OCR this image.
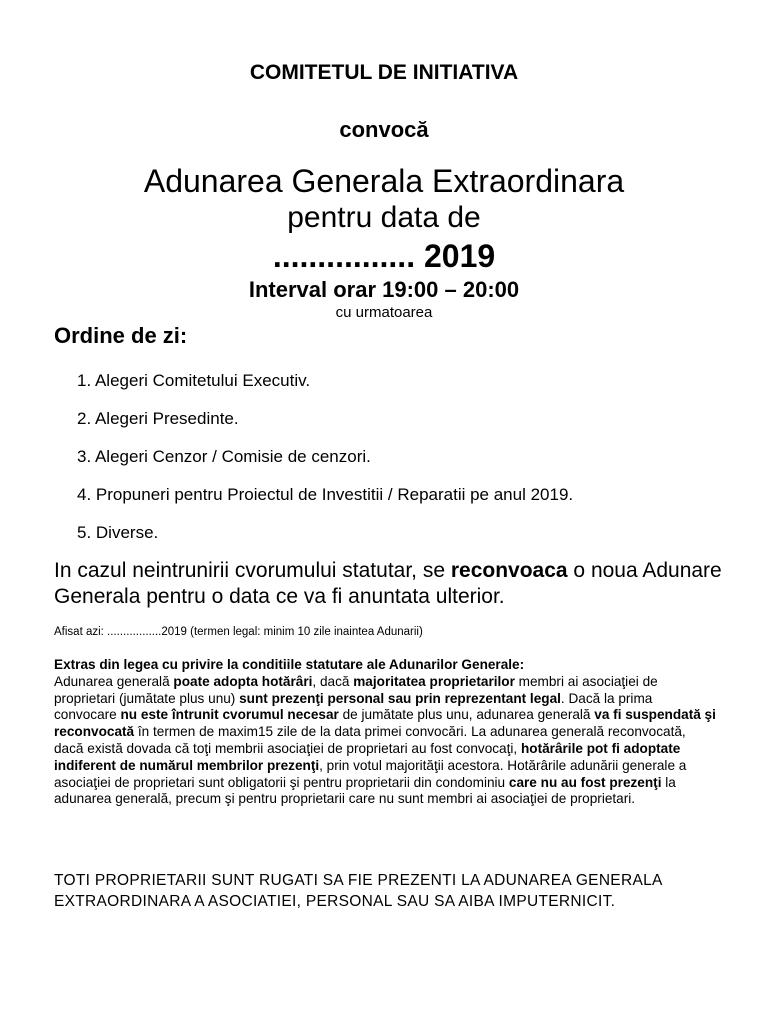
COMITETUL DE INITIATIVA
convocă
Adunarea Generala Extraordinara
pentru data de
................ 2019
Interval orar 19:00 – 20:00
cu urmatoarea
Ordine de zi:
1. Alegeri Comitetului Executiv.
2. Alegeri Presedinte.
3. Alegeri Cenzor / Comisie de cenzori.
4. Propuneri pentru Proiectul de Investitii / Reparatii pe anul 2019.
5. Diverse.
In cazul neintrunirii cvorumului statutar, se reconvoaca o noua Adunare Generala pentru o data ce va fi anuntata ulterior.
Afisat azi: .................2019 (termen legal: minim 10 zile inaintea Adunarii)
Extras din legea cu privire la conditiile statutare ale Adunarilor Generale:
Adunarea generală poate adopta hotărâri, dacă majoritatea proprietarilor membri ai asociaţiei de proprietari (jumătate plus unu) sunt prezenţi personal sau prin reprezentant legal. Dacă la prima convocare nu este întrunit cvorumul necesar de jumătate plus unu, adunarea generală va fi suspendată şi reconvocată în termen de maxim15 zile de la data primei convocări. La adunarea generală reconvocată, dacă există dovada că toţi membrii asociaţiei de proprietari au fost convocaţi, hotărârile pot fi adoptate indiferent de numărul membrilor prezenţi, prin votul majorităţii acestora. Hotărârile adunării generale a asociaţiei de proprietari sunt obligatorii şi pentru proprietarii din condominiu care nu au fost prezenţi la adunarea generală, precum şi pentru proprietarii care nu sunt membri ai asociaţiei de proprietari.
TOTI PROPRIETARII SUNT RUGATI SA FIE PREZENTI LA ADUNAREA GENERALA EXTRAORDINARA A ASOCIATIEI, PERSONAL SAU SA AIBA IMPUTERNICIT.
